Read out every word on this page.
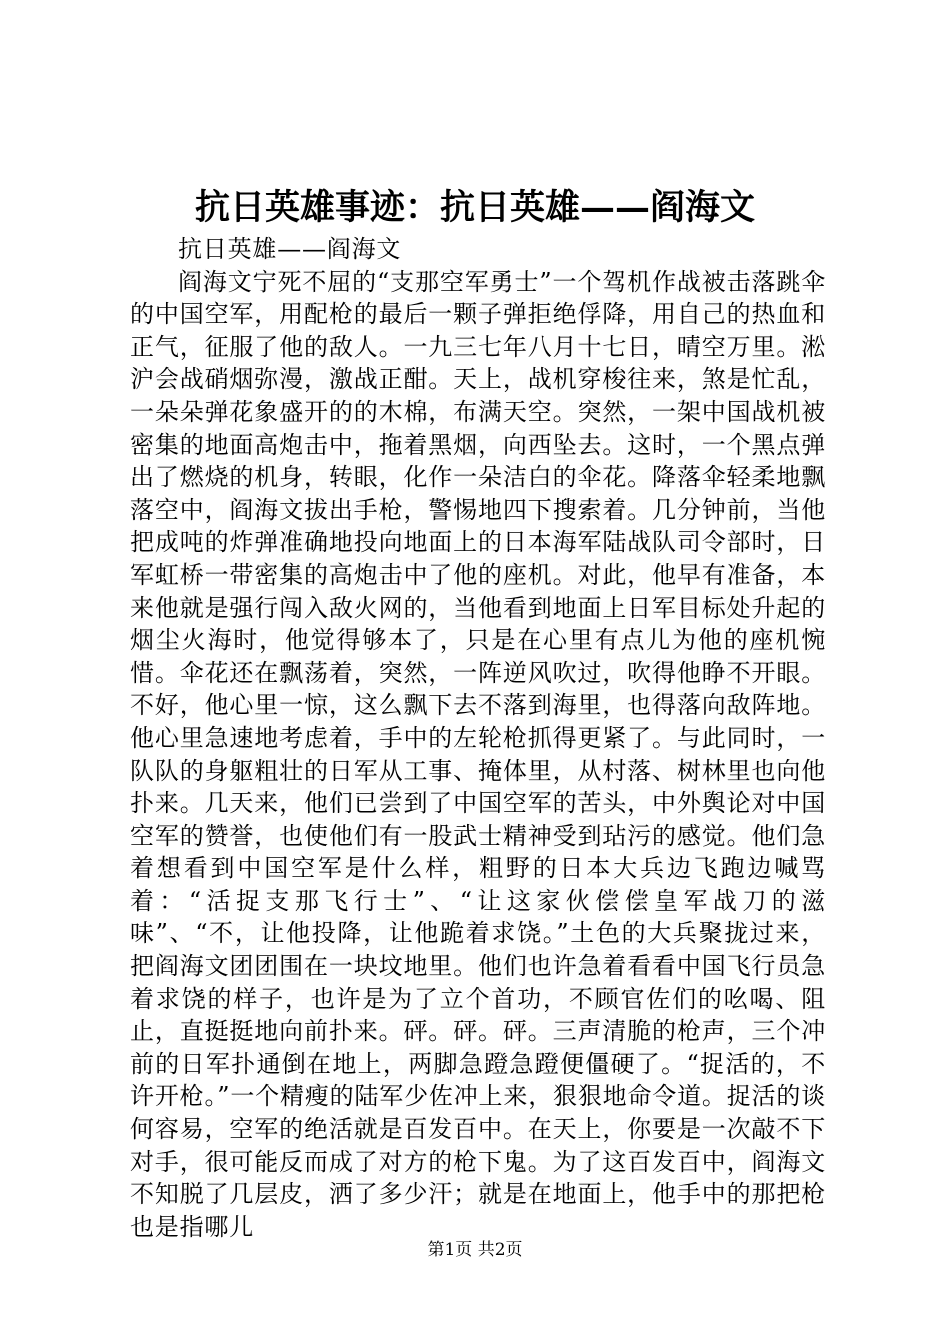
抗日英雄事迹：抗日英雄——阎海文

抗日英雄——阎海文

阎海文宁死不屈的“支那空军勇士”一个驾机作战被击落跳伞的中国空军，用配枪的最后一颗子弹拒绝俘降，用自己的热血和正气，征服了他的敌人。一九三七年八月十七日，晴空万里。淞沪会战硝烟弥漫，激战正酣。天上，战机穿梭往来，煞是忙乱，一朵朵弹花象盛开的的木棉，布满天空。突然，一架中国战机被密集的地面高炮击中，拖着黑烟，向西坠去。这时，一个黑点弹出了燃烧的机身，转眼，化作一朵洁白的伞花。降落伞轻柔地飘落空中，阎海文拔出手枪，警惕地四下搜索着。几分钟前，当他把成吨的炸弹准确地投向地面上的日本海军陆战队司令部时，日军虹桥一带密集的高炮击中了他的座机。对此，他早有准备，本来他就是强行闯入敌火网的，当他看到地面上日军目标处升起的烟尘火海时，他觉得够本了，只是在心里有点儿为他的座机惋惜。伞花还在飘荡着，突然，一阵逆风吹过，吹得他睁不开眼。不好，他心里一惊，这么飘下去不落到海里，也得落向敌阵地。他心里急速地考虑着，手中的左轮枪抓得更紧了。与此同时，一队队的身躯粗壮的日军从工事、掩体里，从村落、树林里也向他扑来。几天来，他们已尝到了中国空军的苦头，中外舆论对中国空军的赞誉，也使他们有一股武士精神受到玷污的感觉。他们急着想看到中国空军是什么样，粗野的日本大兵边飞跑边喊骂着：“活捉支那飞行士”、“让这家伙偿偿皇军战刀的滋味”、“不，让他投降，让他跪着求饶。”土色的大兵聚拢过来，把阎海文团团围在一块坟地里。他们也许急着看看中国飞行员急着求饶的样子，也许是为了立个首功，不顾官佐们的吆喝、阻止，直挺挺地向前扑来。砰。砰。砰。三声清脆的枪声，三个冲前的日军扑通倒在地上，两脚急蹬急蹬便僵硬了。“捉活的，不许开枪。”一个精瘦的陆军少佐冲上来，狠狠地命令道。捉活的谈何容易，空军的绝活就是百发百中。在天上，你要是一次敲不下对手，很可能反而成了对方的枪下鬼。为了这百发百中，阎海文不知脱了几层皮，洒了多少汗；就是在地面上，他手中的那把枪也是指哪儿

第1页 共2页
